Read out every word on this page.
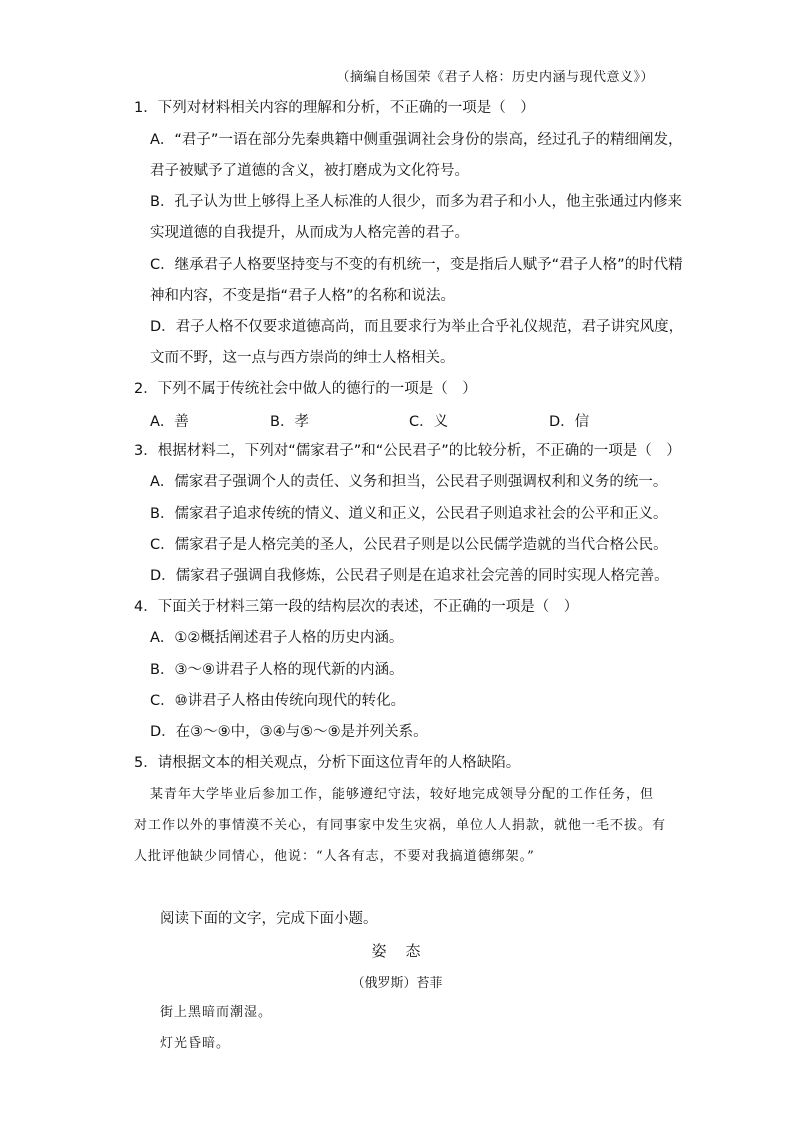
（摘编自杨国荣《君子人格：历史内涵与现代意义》）
1．下列对材料相关内容的理解和分析，不正确的一项是（　）
A．“君子”一语在部分先秦典籍中侧重强调社会身份的崇高，经过孔子的精细阐发，
君子被赋予了道德的含义，被打磨成为文化符号。
B．孔子认为世上够得上圣人标准的人很少，而多为君子和小人，他主张通过内修来
实现道德的自我提升，从而成为人格完善的君子。
C．继承君子人格要坚持变与不变的有机统一，变是指后人赋予“君子人格”的时代精
神和内容，不变是指“君子人格”的名称和说法。
D．君子人格不仅要求道德高尚，而且要求行为举止合乎礼仪规范，君子讲究风度，
文而不野，这一点与西方崇尚的绅士人格相关。
2．下列不属于传统社会中做人的德行的一项是（　）
A．善	B．孝	C．义	D．信
3．根据材料二，下列对“儒家君子”和“公民君子”的比较分析，不正确的一项是（　）
A．儒家君子强调个人的责任、义务和担当，公民君子则强调权利和义务的统一。
B．儒家君子追求传统的情义、道义和正义，公民君子则追求社会的公平和正义。
C．儒家君子是人格完美的圣人，公民君子则是以公民儒学造就的当代合格公民。
D．儒家君子强调自我修炼，公民君子则是在追求社会完善的同时实现人格完善。
4．下面关于材料三第一段的结构层次的表述，不正确的一项是（　）
A．①②概括阐述君子人格的历史内涵。
B．③～⑨讲君子人格的现代新的内涵。
C．⑩讲君子人格由传统向现代的转化。
D．在③～⑨中，③④与⑤～⑨是并列关系。
5．请根据文本的相关观点，分析下面这位青年的人格缺陷。
某青年大学毕业后参加工作，能够遵纪守法，较好地完成领导分配的工作任务，但
对工作以外的事情漠不关心，有同事家中发生灾祸，单位人人捐款，就他一毛不拔。有
人批评他缺少同情心，他说：“人各有志，不要对我搞道德绑架。”
阅读下面的文字，完成下面小题。
姿　态
（俄罗斯）苔菲
街上黑暗而潮湿。
灯光昏暗。
